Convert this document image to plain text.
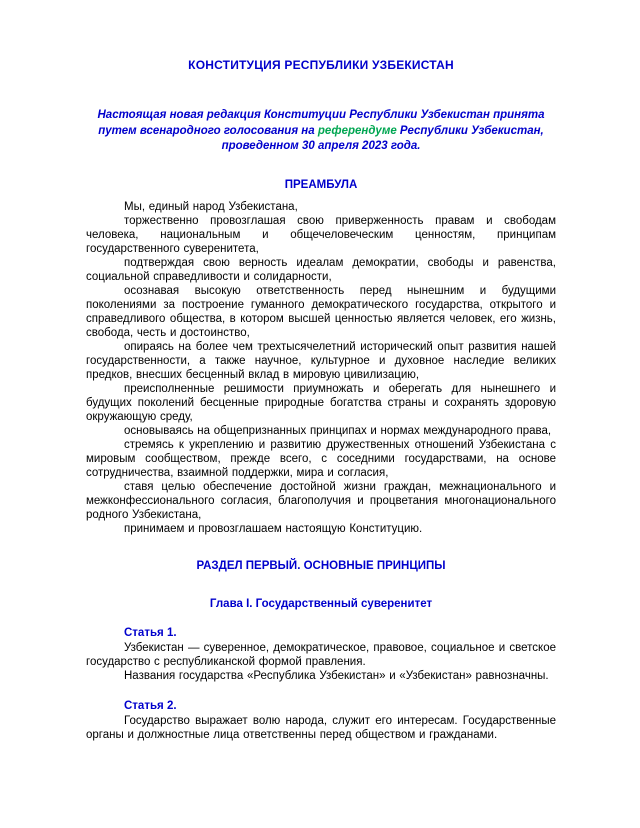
КОНСТИТУЦИЯ РЕСПУБЛИКИ УЗБЕКИСТАН

Настоящая новая редакция Конституции Республики Узбекистан принята путем всенародного голосования на референдуме Республики Узбекистан, проведенном 30 апреля 2023 года.

ПРЕАМБУЛА

Мы, единый народ Узбекистана,

торжественно провозглашая свою приверженность правам и свободам человека, национальным и общечеловеческим ценностям, принципам государственного суверенитета,

подтверждая свою верность идеалам демократии, свободы и равенства, социальной справедливости и солидарности,

осознавая высокую ответственность перед нынешним и будущими поколениями за построение гуманного демократического государства, открытого и справедливого общества, в котором высшей ценностью является человек, его жизнь, свобода, честь и достоинство,

опираясь на более чем трехтысячелетний исторический опыт развития нашей государственности, а также научное, культурное и духовное наследие великих предков, внесших бесценный вклад в мировую цивилизацию,

преисполненные решимости приумножать и оберегать для нынешнего и будущих поколений бесценные природные богатства страны и сохранять здоровую окружающую среду,

основываясь на общепризнанных принципах и нормах международного права,

стремясь к укреплению и развитию дружественных отношений Узбекистана с мировым сообществом, прежде всего, с соседними государствами, на основе сотрудничества, взаимной поддержки, мира и согласия,

ставя целью обеспечение достойной жизни граждан, межнационального и межконфессионального согласия, благополучия и процветания многонационального родного Узбекистана,

принимаем и провозглашаем настоящую Конституцию.

РАЗДЕЛ ПЕРВЫЙ. ОСНОВНЫЕ ПРИНЦИПЫ
Глава I. Государственный суверенитет
Статья 1.

Узбекистан — суверенное, демократическое, правовое, социальное и светское государство с республиканской формой правления.

Названия государства «Республика Узбекистан» и «Узбекистан» равнозначны.

Статья 2.

Государство выражает волю народа, служит его интересам. Государственные органы и должностные лица ответственны перед обществом и гражданами.
